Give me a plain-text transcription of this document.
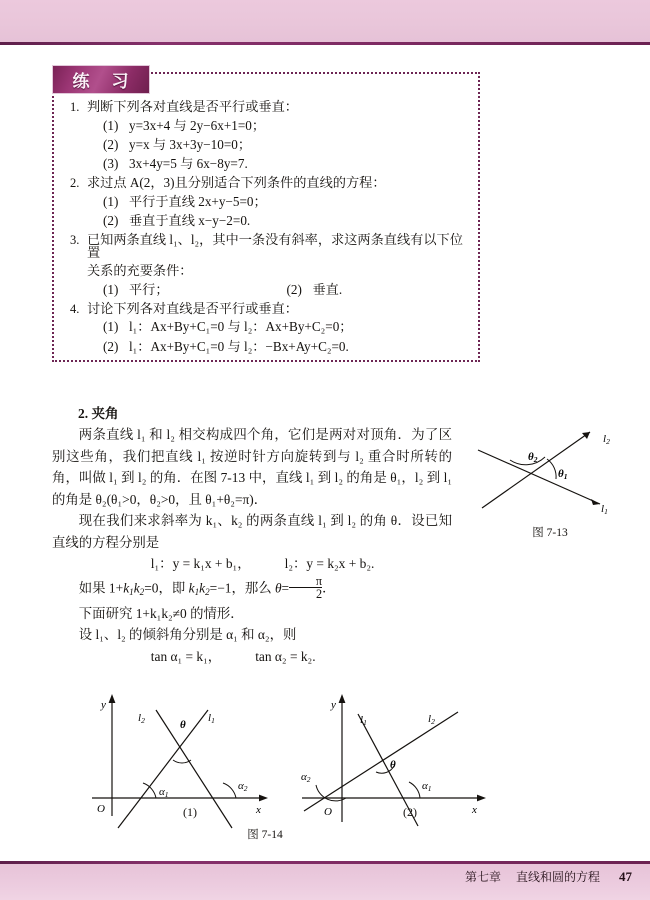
练 习
1. 判断下列各对直线是否平行或垂直：
(1) y=3x+4 与 2y−6x+1=0；
(2) y=x 与 3x+3y−10=0；
(3) 3x+4y=5 与 6x−8y=7.
2. 求过点 A(2，3)且分别适合下列条件的直线的方程：
(1) 平行于直线 2x+y−5=0；
(2) 垂直于直线 x−y−2=0.
3. 已知两条直线 l₁、l₂，其中一条没有斜率，求这两条直线有以下位置
关系的充要条件：
(1) 平行；	(2) 垂直.
4. 讨论下列各对直线是否平行或垂直：
(1) l₁：Ax+By+C₁=0 与 l₂：Ax+By+C₂=0；
(2) l₁：Ax+By+C₁=0 与 l₂：−Bx+Ay+C₂=0.
2. 夹角

两条直线 l₁ 和 l₂ 相交构成四个角，它们是两对对顶角．为了区别这些角，我们把直线 l₁ 按逆时针方向旋转到与 l₂ 重合时所转的角，叫做 l₁ 到 l₂ 的角．在图 7-13 中，直线 l₁ 到 l₂ 的角是 θ₁，l₂ 到 l₁ 的角是 θ₂(θ₁>0，θ₂>0，且 θ₁+θ₂=π)．

现在我们来求斜率为 k₁、k₂ 的两条直线 l₁ 到 l₂ 的角 θ．设已知直线的方程分别是

l₁：y = k₁x + b₁，	l₂：y = k₂x + b₂.

如果 $1+k_1k_2=0$，即 $k_1k_2=-1$，那么 $\theta= \frac{\pi}{2}$ ．

下面研究 1+k₁k₂≠0 的情形．

设 l₁、l₂ 的倾斜角分别是 α₁ 和 α₂，则

tan α₁ = k₁，	tan α₂ = k₂.

l2
l1
θ2
θ1
图 7-13
y
x
O
l2	l1
θ
α1
α2
y
x
O
l1	l2
θ
α1
α2
(1)	(2)
图 7-14
第七章 直线和圆的方程 47
